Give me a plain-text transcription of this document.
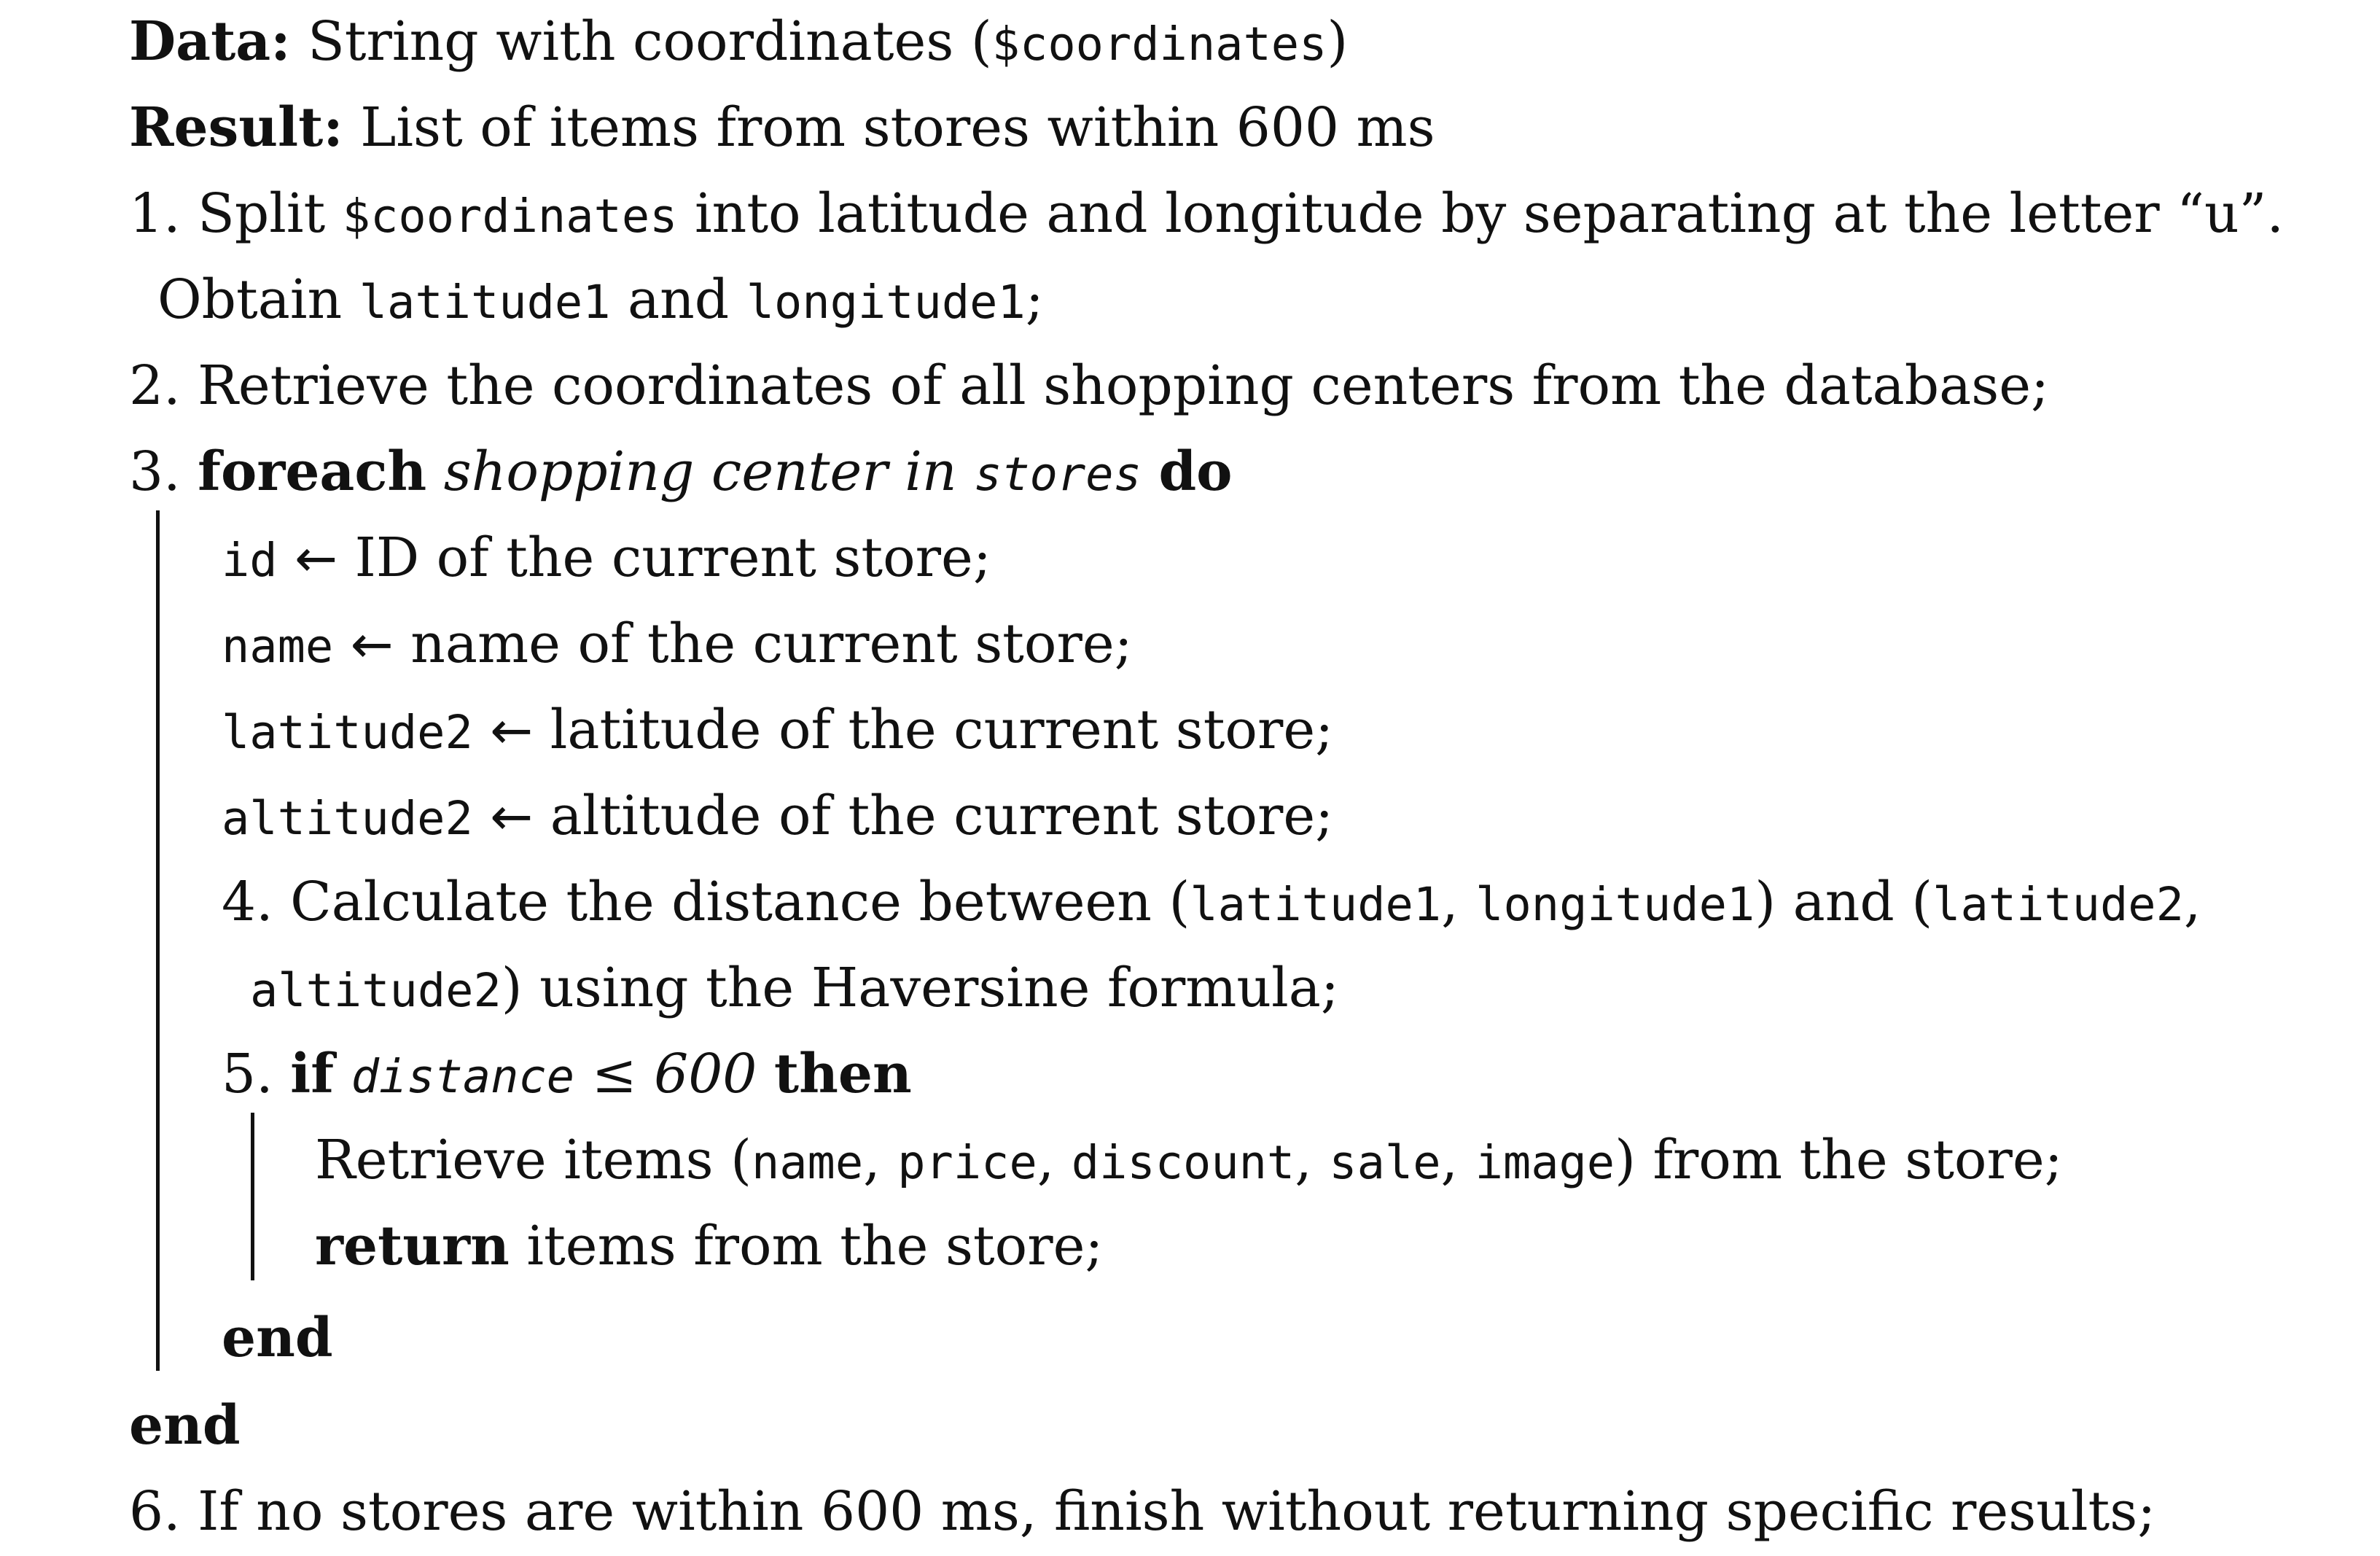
Data: String with coordinates ($coordinates)
Result: List of items from stores within 600 ms
1. Split $coordinates into latitude and longitude by separating at the letter “u”.
Obtain latitude1 and longitude1;
2. Retrieve the coordinates of all shopping centers from the database;
3. foreach shopping center in stores do
id ← ID of the current store;
name ← name of the current store;
latitude2 ← latitude of the current store;
altitude2 ← altitude of the current store;
4. Calculate the distance between (latitude1, longitude1) and (latitude2,
altitude2) using the Haversine formula;
5. if distance ≤ 600 then
Retrieve items (name, price, discount, sale, image) from the store;
return items from the store;
end
end
6. If no stores are within 600 ms, finish without returning specific results;
